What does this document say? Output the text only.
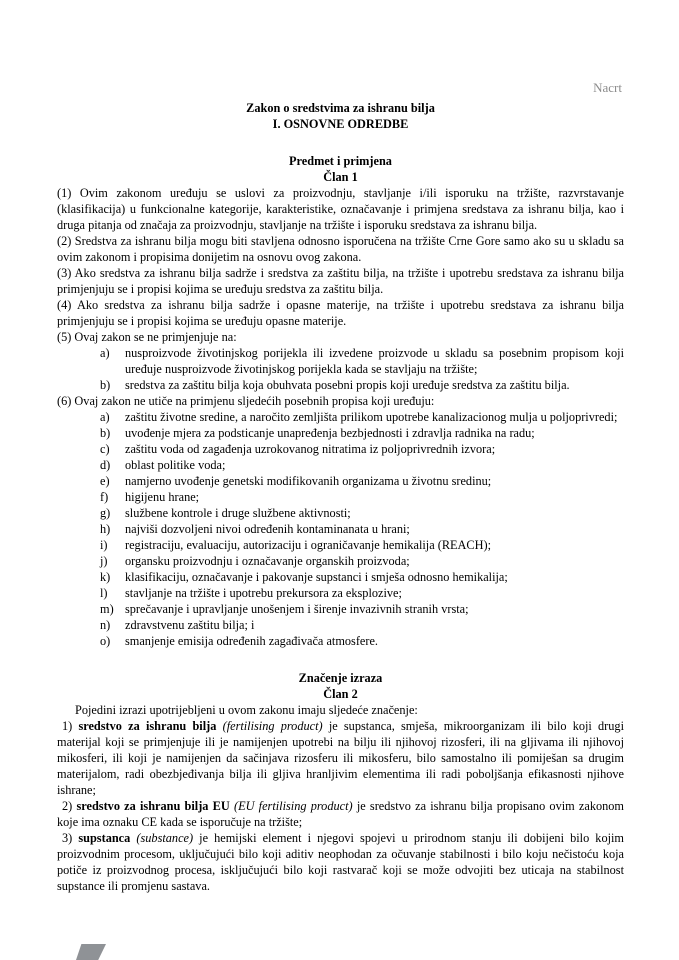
Nacrt
Zakon o sredstvima za ishranu bilja
I. OSNOVNE ODREDBE
Predmet i primjena
Član 1

(1) Ovim zakonom uređuju se uslovi za proizvodnju, stavljanje i/ili isporuku na tržište, razvrstavanje (klasifikacija) u funkcionalne kategorije, karakteristike, označavanje i primjena sredstava za ishranu bilja, kao i druga pitanja od značaja za proizvodnju, stavljanje na tržište i isporuku sredstava za ishranu bilja.

(2) Sredstva za ishranu bilja mogu biti stavljena odnosno isporučena na tržište Crne Gore samo ako su u skladu sa ovim zakonom i propisima donijetim na osnovu ovog zakona.

(3) Ako sredstva za ishranu bilja sadrže i sredstva za zaštitu bilja, na tržište i upotrebu sredstava za ishranu bilja primjenjuju se i propisi kojima se uređuju sredstva za zaštitu bilja.

(4) Ako sredstva za ishranu bilja sadrže i opasne materije, na tržište i upotrebu sredstava za ishranu bilja primjenjuju se i propisi kojima se uređuju opasne materije.

(5) Ovaj zakon se ne primjenjuje na:

a) nusproizvode životinjskog porijekla ili izvedene proizvode u skladu sa posebnim propisom koji uređuje nusproizvode životinjskog porijekla kada se stavljaju na tržište;
b) sredstva za zaštitu bilja koja obuhvata posebni propis koji uređuje sredstva za zaštitu bilja.

(6) Ovaj zakon ne utiče na primjenu sljedećih posebnih propisa koji uređuju:

a) zaštitu životne sredine, a naročito zemljišta prilikom upotrebe kanalizacionog mulja u poljoprivredi;
b) uvođenje mjera za podsticanje unapređenja bezbjednosti i zdravlja radnika na radu;
c) zaštitu voda od zagađenja uzrokovanog nitratima iz poljoprivrednih izvora;
d) oblast politike voda;
e) namjerno uvođenje genetski modifikovanih organizama u životnu sredinu;
f) higijenu hrane;
g) službene kontrole i druge službene aktivnosti;
h) najviši dozvoljeni nivoi određenih kontaminanata u hrani;
i) registraciju, evaluaciju, autorizaciju i ograničavanje hemikalija (REACH);
j) organsku proizvodnju i označavanje organskih proizvoda;
k) klasifikaciju, označavanje i pakovanje supstanci i smješa odnosno hemikalija;
l) stavljanje na tržište i upotrebu prekursora za eksplozive;
m) sprečavanje i upravljanje unošenjem i širenje invazivnih stranih vrsta;
n) zdravstvenu zaštitu bilja; i
o) smanjenje emisija određenih zagađivača atmosfere.
Značenje izraza
Član 2

Pojedini izrazi upotrijebljeni u ovom zakonu imaju sljedeće značenje:

1) sredstvo za ishranu bilja (fertilising product) je supstanca, smješa, mikroorganizam ili bilo koji drugi materijal koji se primjenjuje ili je namijenjen upotrebi na bilju ili njihovoj rizosferi, ili na gljivama ili njihovoj mikosferi, ili koji je namijenjen da sačinjava rizosferu ili mikosferu, bilo samostalno ili pomiješan sa drugim materijalom, radi obezbjeđivanja bilja ili gljiva hranljivim elementima ili radi poboljšanja efikasnosti njihove ishrane;

2) sredstvo za ishranu bilja EU (EU fertilising product) je sredstvo za ishranu bilja propisano ovim zakonom koje ima oznaku CE kada se isporučuje na tržište;

3) supstanca (substance) je hemijski element i njegovi spojevi u prirodnom stanju ili dobijeni bilo kojim proizvodnim procesom, uključujući bilo koji aditiv neophodan za očuvanje stabilnosti i bilo koju nečistoću koja potiče iz proizvodnog procesa, isključujući bilo koji rastvarač koji se može odvojiti bez uticaja na stabilnost supstance ili promjenu sastava.
